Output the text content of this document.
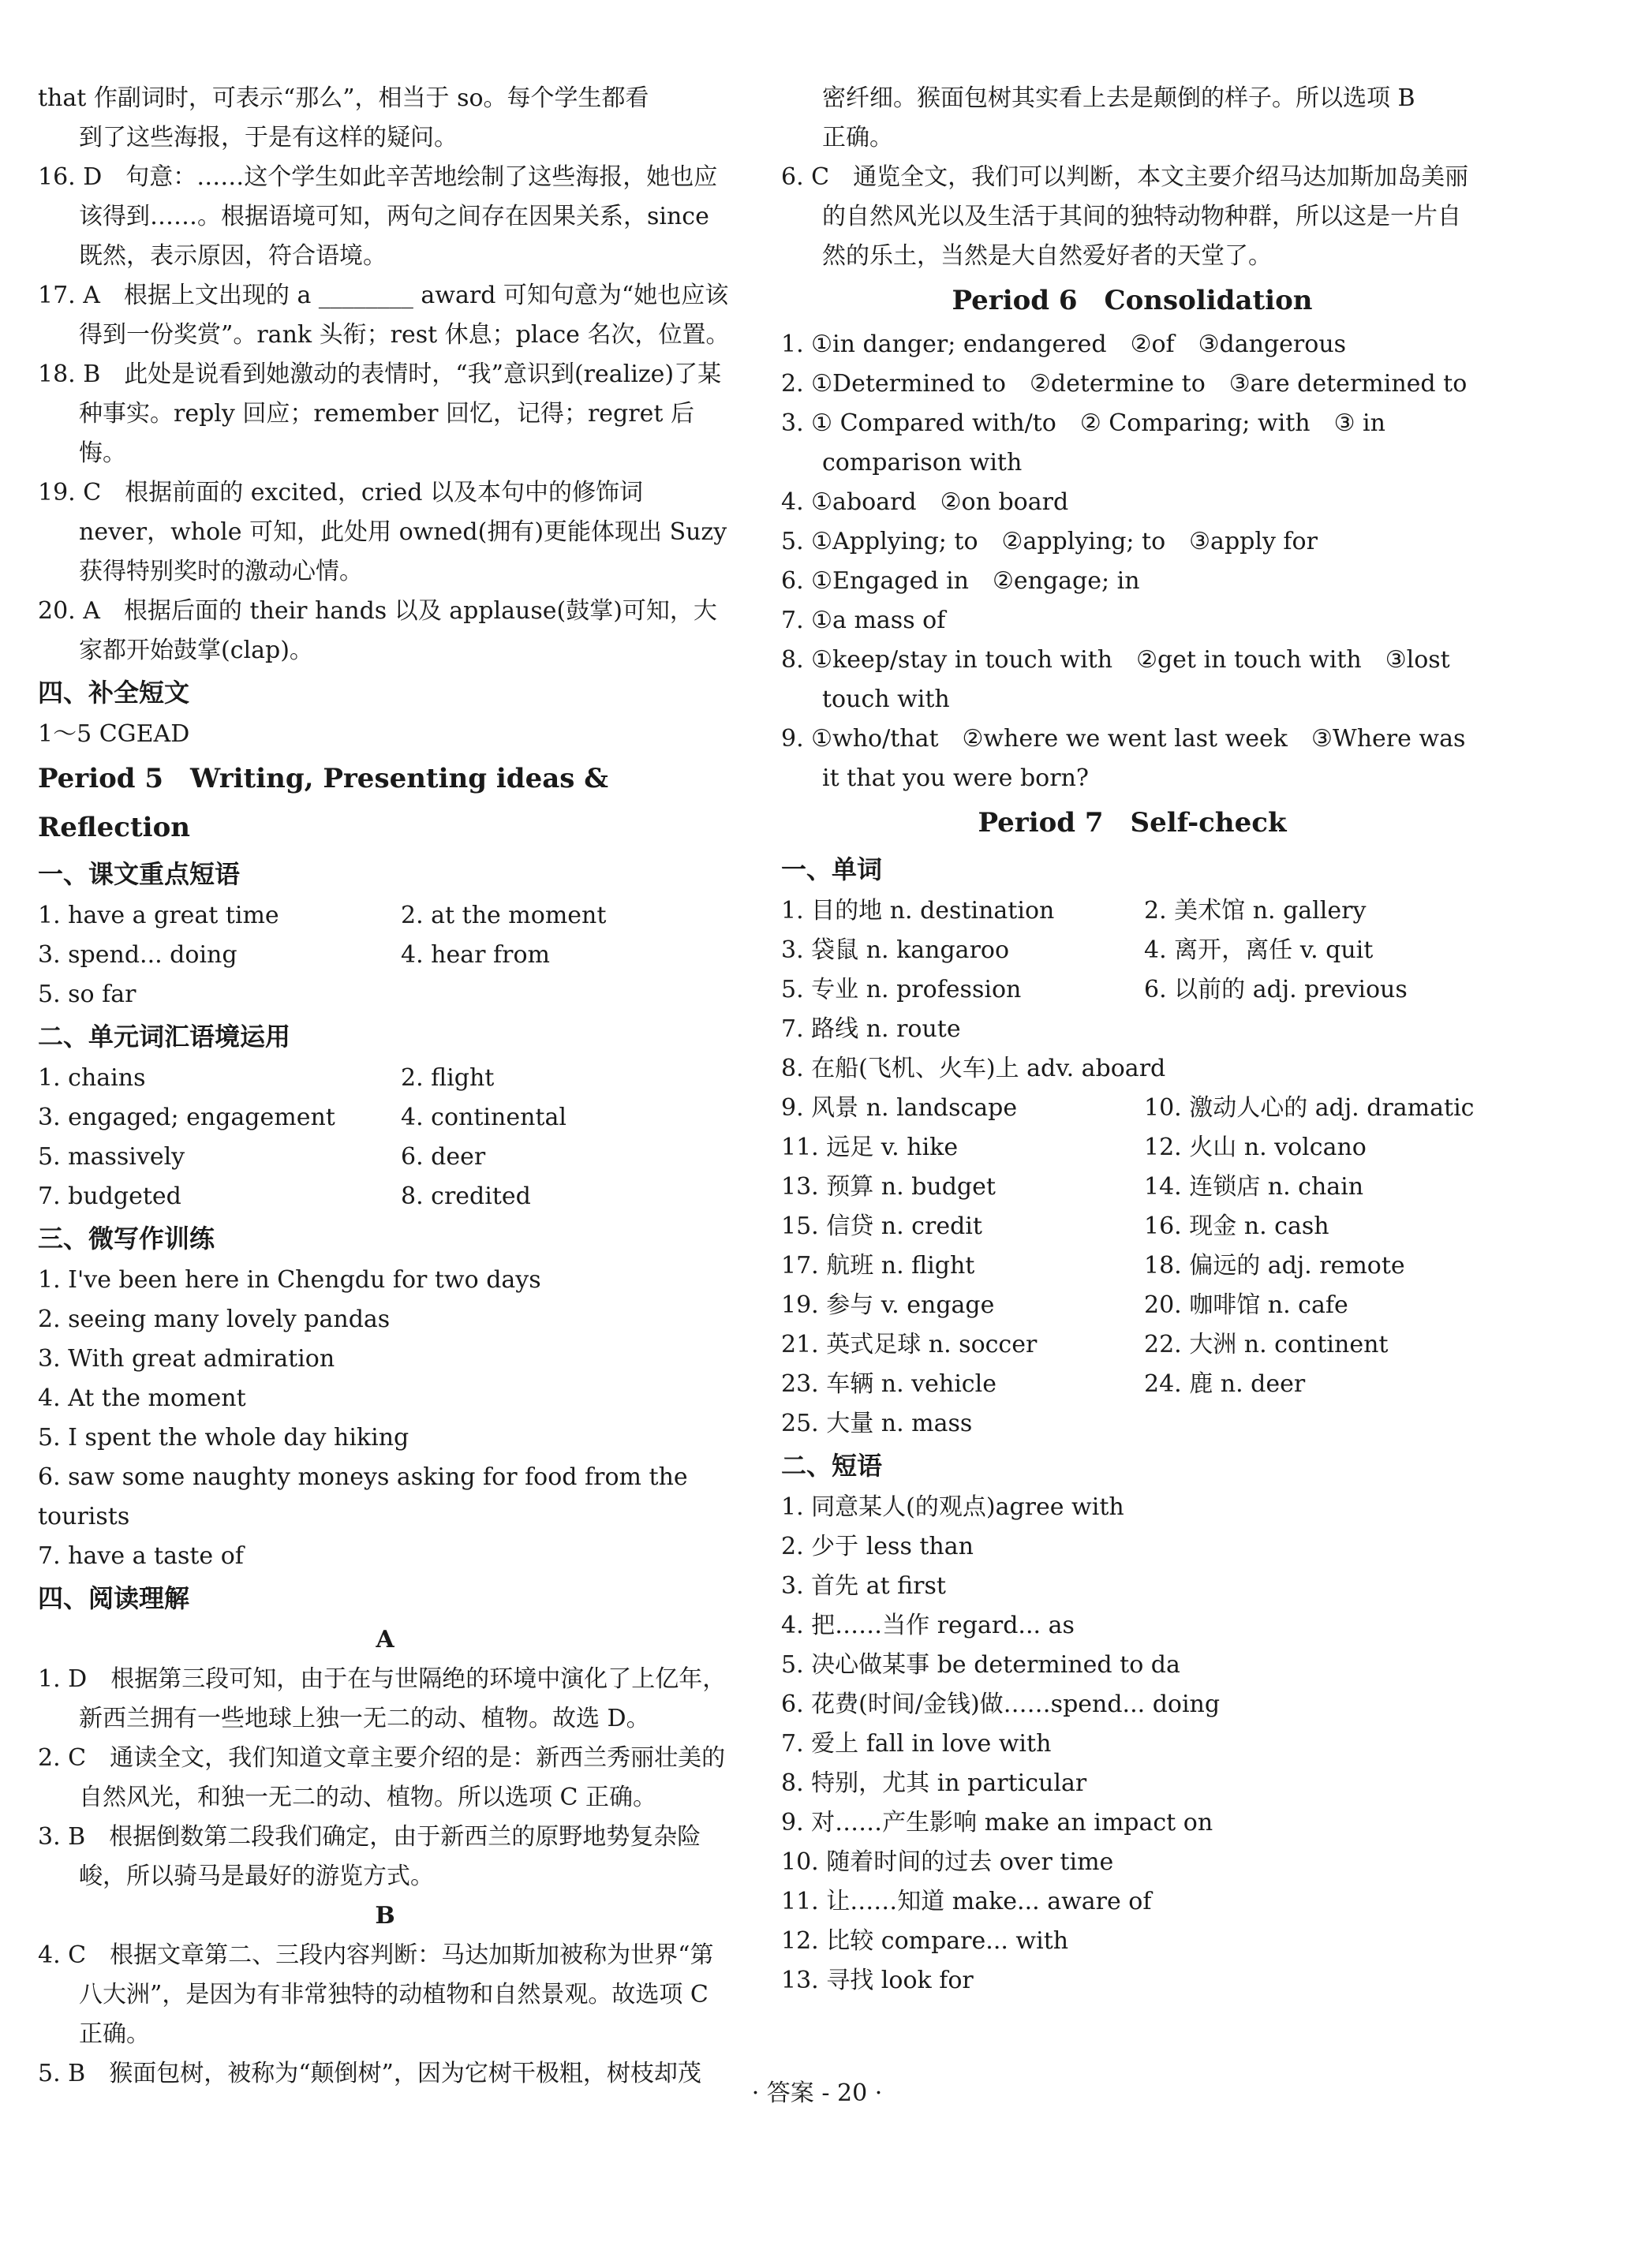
that 作副词时，可表示“那么”，相当于 so。每个学生都看
到了这些海报，于是有这样的疑问。
16. D　句意：……这个学生如此辛苦地绘制了这些海报，她也应该得到……。根据语境可知，两句之间存在因果关系，since 既然，表示原因，符合语境。
17. A　根据上文出现的 a ________ award 可知句意为“她也应该得到一份奖赏”。rank 头衔；rest 休息；place 名次，位置。
18. B　此处是说看到她激动的表情时，“我”意识到(realize)了某种事实。reply 回应；remember 回忆，记得；regret 后悔。
19. C　根据前面的 excited，cried 以及本句中的修饰词 never，whole 可知，此处用 owned(拥有)更能体现出 Suzy 获得特别奖时的激动心情。
20. A　根据后面的 their hands 以及 applause(鼓掌)可知，大家都开始鼓掌(clap)。
四、补全短文
1～5 CGEAD
Period 5　Writing, Presenting ideas & Reflection
一、课文重点短语
1. have a great time	2. at the moment
3. spend... doing	4. hear from
5. so far
二、单元词汇语境运用
1. chains	2. flight
3. engaged; engagement	4. continental
5. massively	6. deer
7. budgeted	8. credited
三、微写作训练
1. I've been here in Chengdu for two days
2. seeing many lovely pandas
3. With great admiration
4. At the moment
5. I spent the whole day hiking
6. saw some naughty moneys asking for food from the tourists
7. have a taste of
四、阅读理解
A
1. D　根据第三段可知，由于在与世隔绝的环境中演化了上亿年，新西兰拥有一些地球上独一无二的动、植物。故选 D。
2. C　通读全文，我们知道文章主要介绍的是：新西兰秀丽壮美的自然风光，和独一无二的动、植物。所以选项 C 正确。
3. B　根据倒数第二段我们确定，由于新西兰的原野地势复杂险峻，所以骑马是最好的游览方式。
B
4. C　根据文章第二、三段内容判断：马达加斯加被称为世界“第八大洲”，是因为有非常独特的动植物和自然景观。故选项 C 正确。
5. B　猴面包树，被称为“颠倒树”，因为它树干极粗，树枝却茂
密纤细。猴面包树其实看上去是颠倒的样子。所以选项 B
正确。
6. C　通览全文，我们可以判断，本文主要介绍马达加斯加岛美丽的自然风光以及生活于其间的独特动物种群，所以这是一片自然的乐土，当然是大自然爱好者的天堂了。
Period 6　Consolidation
1. ①in danger; endangered　②of　③dangerous
2. ①Determined to　②determine to　③are determined to
3. ① Compared with/to　② Comparing; with　③ in comparison with
4. ①aboard　②on board
5. ①Applying; to　②applying; to　③apply for
6. ①Engaged in　②engage; in
7. ①a mass of
8. ①keep/stay in touch with　②get in touch with　③lost touch with
9. ①who/that　②where we went last week　③Where was it that you were born?
Period 7　Self-check
一、单词
1. 目的地 n. destination	2. 美术馆 n. gallery
3. 袋鼠 n. kangaroo	4. 离开，离任 v. quit
5. 专业 n. profession	6. 以前的 adj. previous
7. 路线 n. route
8. 在船(飞机、火车)上 adv. aboard
9. 风景 n. landscape	10. 激动人心的 adj. dramatic
11. 远足 v. hike	12. 火山 n. volcano
13. 预算 n. budget	14. 连锁店 n. chain
15. 信贷 n. credit	16. 现金 n. cash
17. 航班 n. flight	18. 偏远的 adj. remote
19. 参与 v. engage	20. 咖啡馆 n. cafe
21. 英式足球 n. soccer	22. 大洲 n. continent
23. 车辆 n. vehicle	24. 鹿 n. deer
25. 大量 n. mass
二、短语
1. 同意某人(的观点)agree with
2. 少于 less than
3. 首先 at first
4. 把……当作 regard... as
5. 决心做某事 be determined to da
6. 花费(时间/金钱)做……spend... doing
7. 爱上 fall in love with
8. 特别，尤其 in particular
9. 对……产生影响 make an impact on
10. 随着时间的过去 over time
11. 让……知道 make... aware of
12. 比较 compare... with
13. 寻找 look for
· 答案 - 20 ·
